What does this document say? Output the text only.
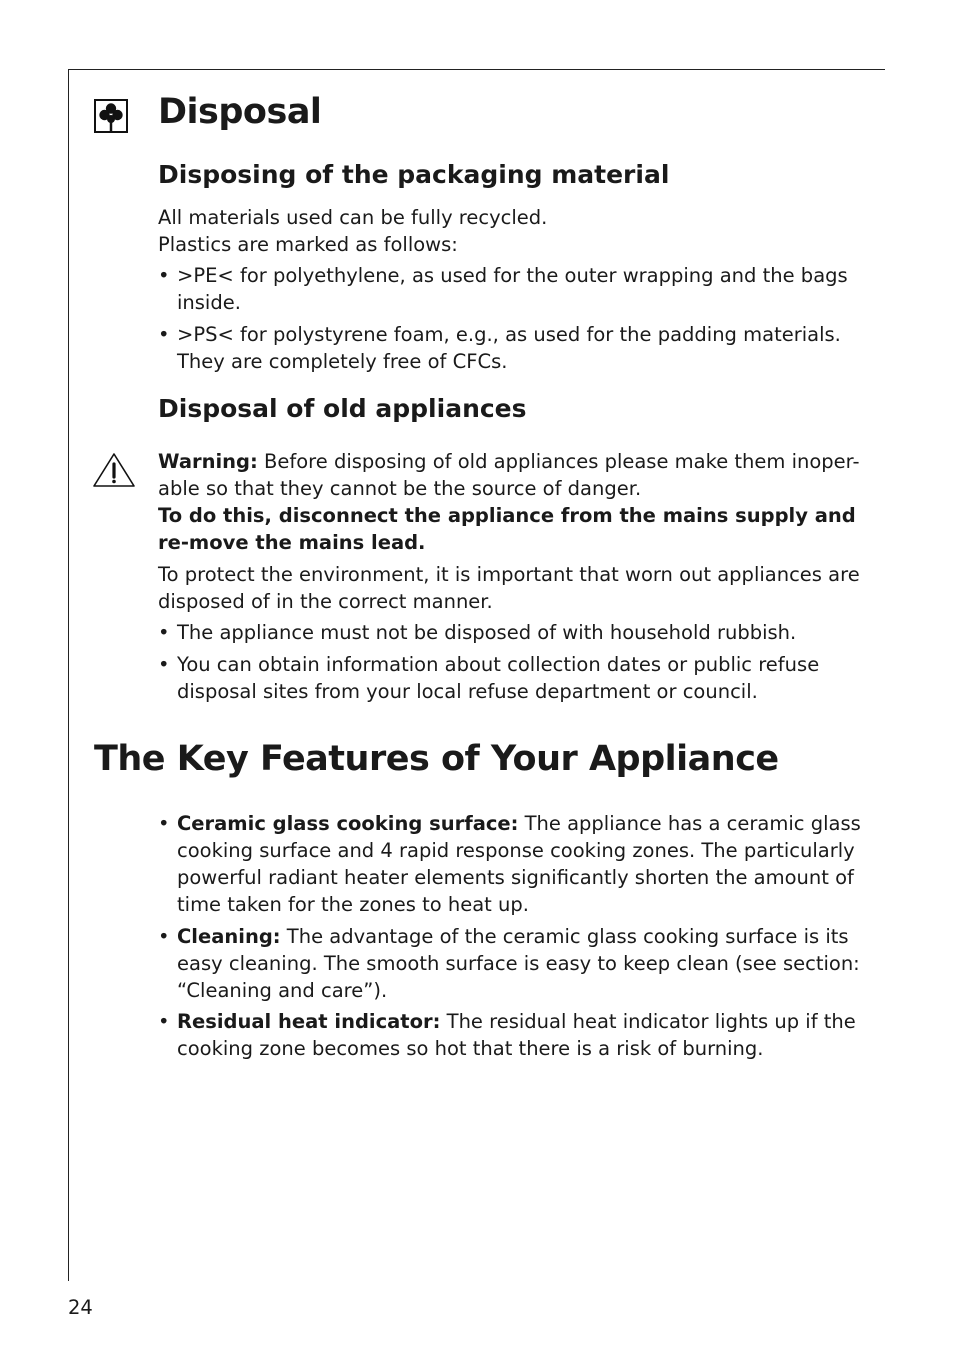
Disposal
Disposing of the packaging material

All materials used can be fully recycled.

Plastics are marked as follows:

• >PE< for polyethylene, as used for the outer wrapping and the bags inside.
• >PS< for polystyrene foam, e.g., as used for the padding materials. They are completely free of CFCs.
Disposal of old appliances
Warning: Before disposing of old appliances please make them inoper-able so that they cannot be the source of danger.
To do this, disconnect the appliance from the mains supply and re-move the mains lead.
To protect the environment, it is important that worn out appliances are disposed of in the correct manner.
• The appliance must not be disposed of with household rubbish.
• You can obtain information about collection dates or public refuse disposal sites from your local refuse department or council.
The Key Features of Your Appliance
• Ceramic glass cooking surface: The appliance has a ceramic glass cooking surface and 4 rapid response cooking zones. The particularly powerful radiant heater elements significantly shorten the amount of time taken for the zones to heat up.
• Cleaning: The advantage of the ceramic glass cooking surface is its easy cleaning. The smooth surface is easy to keep clean (see section: “Cleaning and care”).
• Residual heat indicator: The residual heat indicator lights up if the cooking zone becomes so hot that there is a risk of burning.
24
